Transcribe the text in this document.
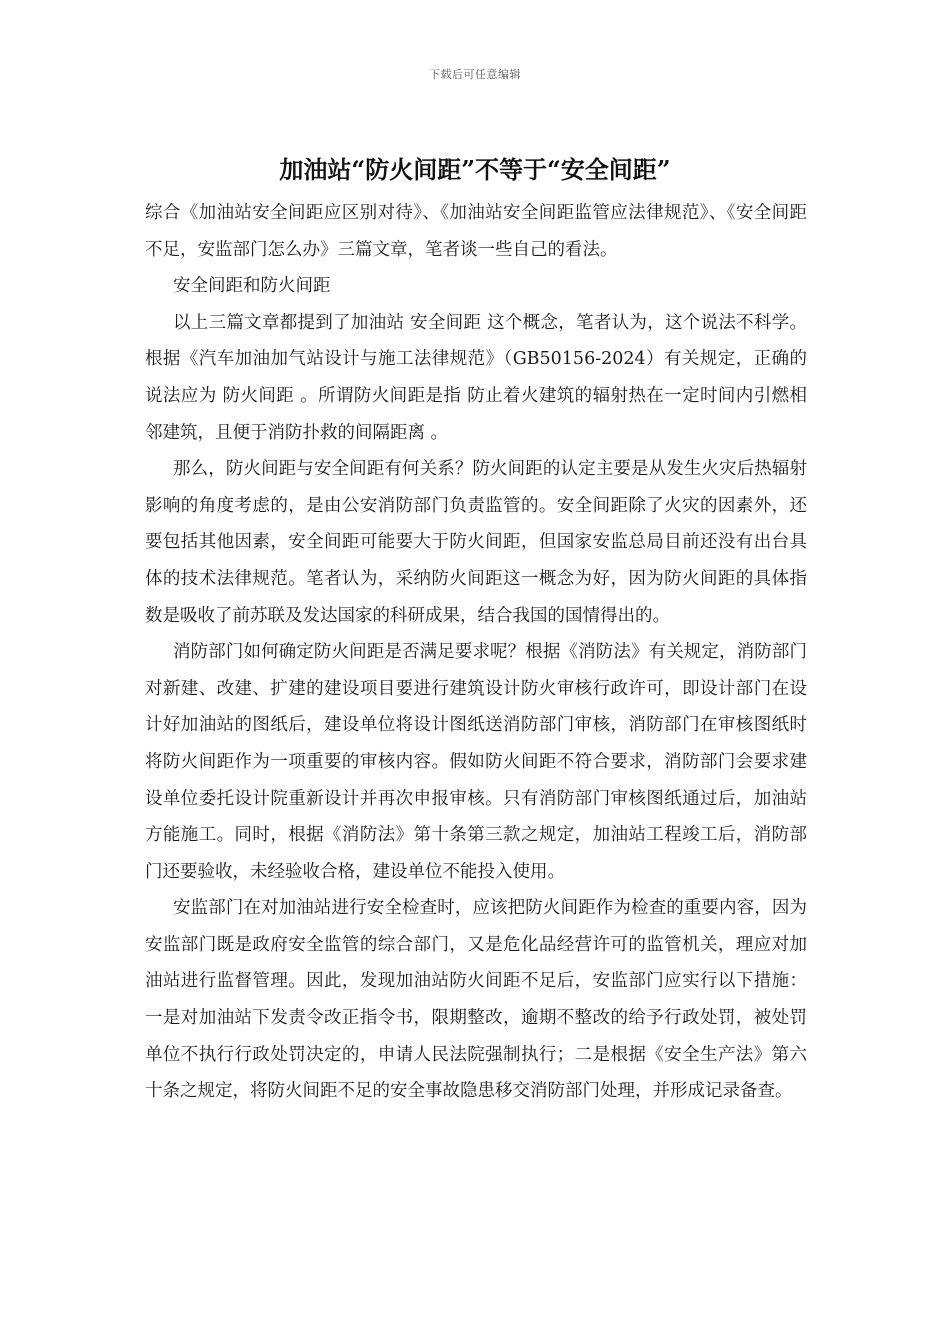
下载后可任意编辑
加油站“防火间距”不等于“安全间距”

综合《加油站安全间距应区别对待》、《加油站安全间距监管应法律规范》、《安全间距不足，安监部门怎么办》三篇文章，笔者谈一些自己的看法。

安全间距和防火间距

以上三篇文章都提到了加油站 安全间距 这个概念，笔者认为，这个说法不科学。根据《汽车加油加气站设计与施工法律规范》（GB50156-2024）有关规定，正确的说法应为 防火间距 。所谓防火间距是指 防止着火建筑的辐射热在一定时间内引燃相邻建筑，且便于消防扑救的间隔距离 。

那么，防火间距与安全间距有何关系？防火间距的认定主要是从发生火灾后热辐射影响的角度考虑的，是由公安消防部门负责监管的。安全间距除了火灾的因素外，还要包括其他因素，安全间距可能要大于防火间距，但国家安监总局目前还没有出台具体的技术法律规范。笔者认为，采纳防火间距这一概念为好，因为防火间距的具体指数是吸收了前苏联及发达国家的科研成果，结合我国的国情得出的。

消防部门如何确定防火间距是否满足要求呢？根据《消防法》有关规定，消防部门对新建、改建、扩建的建设项目要进行建筑设计防火审核行政许可，即设计部门在设计好加油站的图纸后，建设单位将设计图纸送消防部门审核，消防部门在审核图纸时将防火间距作为一项重要的审核内容。假如防火间距不符合要求，消防部门会要求建设单位委托设计院重新设计并再次申报审核。只有消防部门审核图纸通过后，加油站方能施工。同时，根据《消防法》第十条第三款之规定，加油站工程竣工后，消防部门还要验收，未经验收合格，建设单位不能投入使用。

安监部门在对加油站进行安全检查时，应该把防火间距作为检查的重要内容，因为安监部门既是政府安全监管的综合部门，又是危化品经营许可的监管机关，理应对加油站进行监督管理。因此，发现加油站防火间距不足后，安监部门应实行以下措施：一是对加油站下发责令改正指令书，限期整改，逾期不整改的给予行政处罚，被处罚单位不执行行政处罚决定的，申请人民法院强制执行；二是根据《安全生产法》第六十条之规定，将防火间距不足的安全事故隐患移交消防部门处理，并形成记录备查。
